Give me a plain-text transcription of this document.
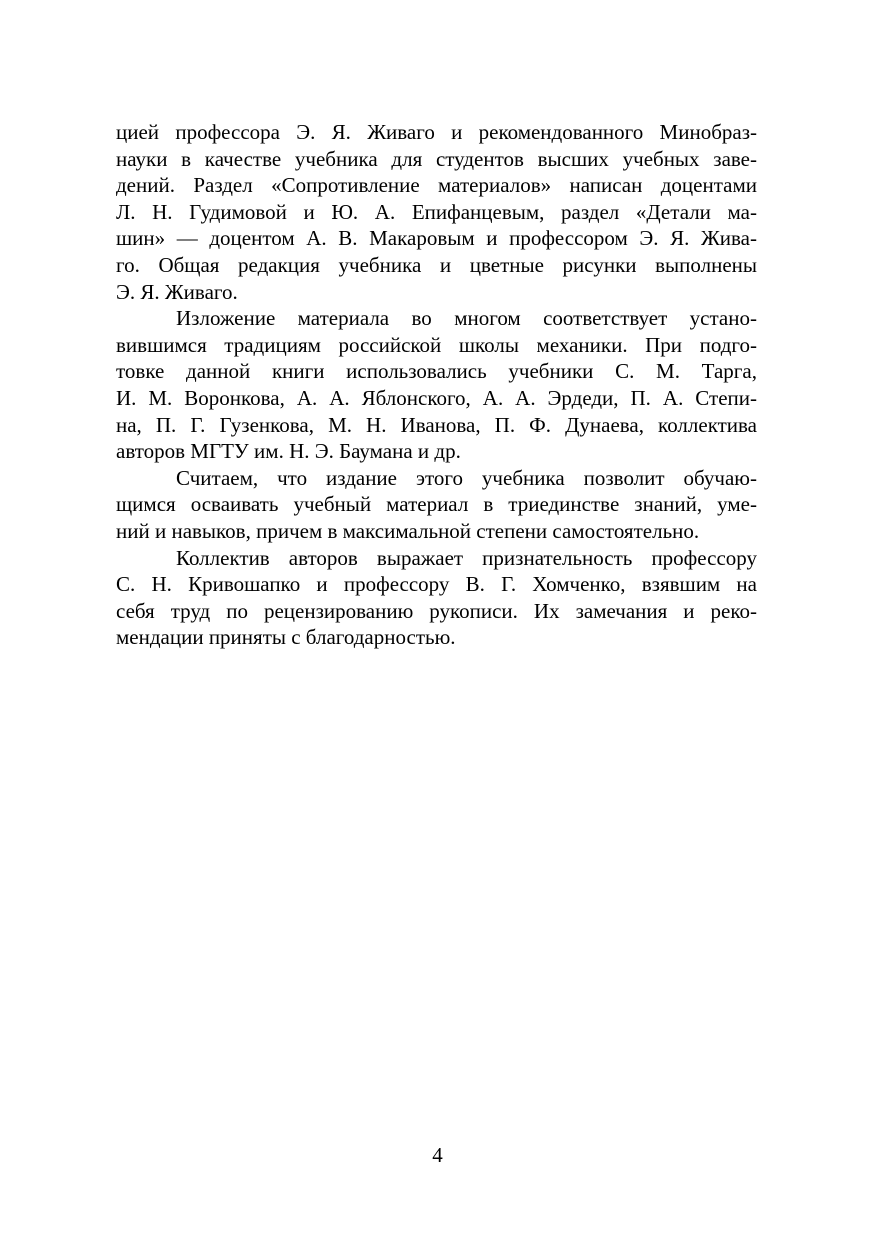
цией профессора Э. Я. Живаго и рекомендованного Минобраз-
науки в качестве учебника для студентов высших учебных заве-
дений. Раздел «Сопротивление материалов» написан доцентами
Л. Н. Гудимовой и Ю. А. Епифанцевым, раздел «Детали ма-
шин» — доцентом А. В. Макаровым и профессором Э. Я. Жива-
го. Общая редакция учебника и цветные рисунки выполнены
Э. Я. Живаго.
Изложение материала во многом соответствует устано-
вившимся традициям российской школы механики. При подго-
товке данной книги использовались учебники С. М. Тарга,
И. М. Воронкова, А. А. Яблонского, А. А. Эрдеди, П. А. Степи-
на, П. Г. Гузенкова, М. Н. Иванова, П. Ф. Дунаева, коллектива
авторов МГТУ им. Н. Э. Баумана и др.
Считаем, что издание этого учебника позволит обучаю-
щимся осваивать учебный материал в триединстве знаний, уме-
ний и навыков, причем в максимальной степени самостоятельно.
Коллектив авторов выражает признательность профессору
С. Н. Кривошапко и профессору В. Г. Хомченко, взявшим на
себя труд по рецензированию рукописи. Их замечания и реко-
мендации приняты с благодарностью.
4
